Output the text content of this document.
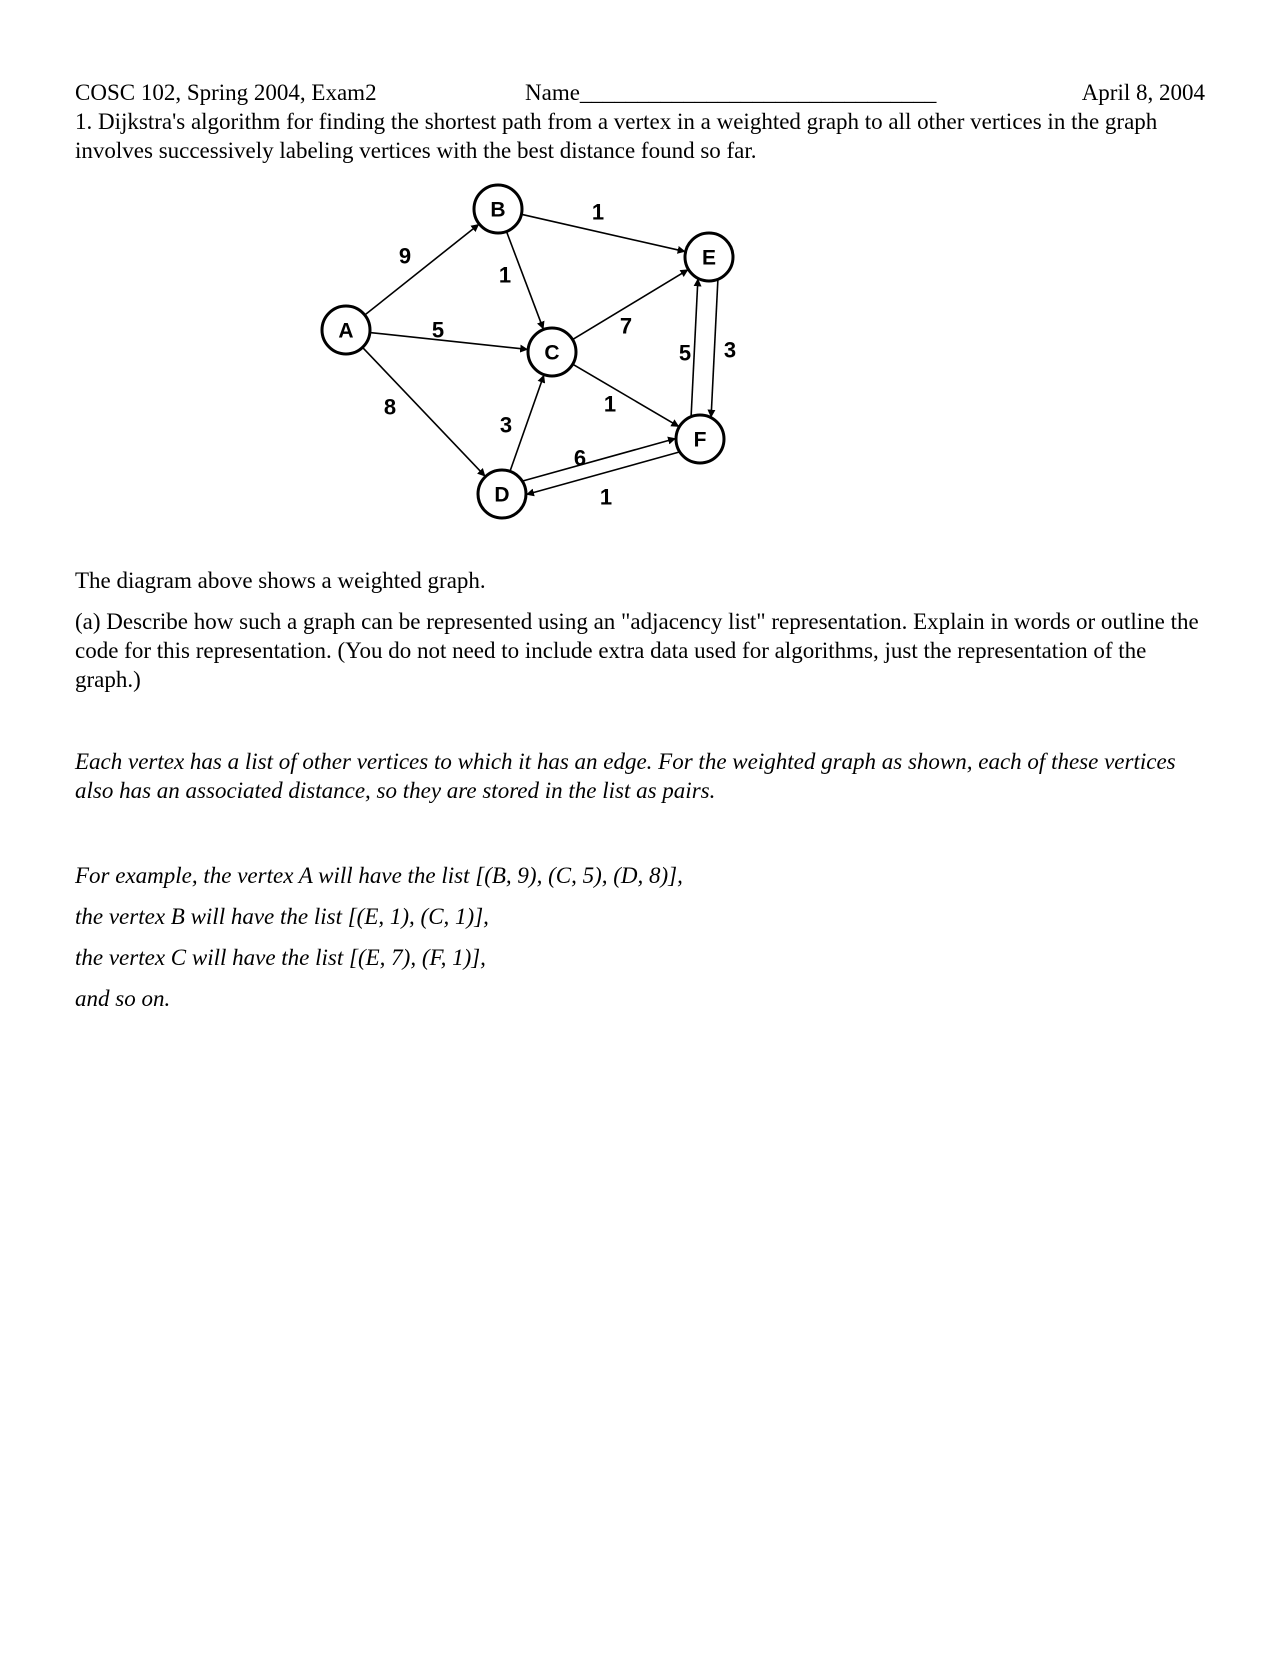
COSC 102, Spring 2004, Exam2	Name_______________________________	April 8, 2004
1. Dijkstra's algorithm for finding the shortest path from a vertex in a weighted graph to all other vertices in the graph involves successively labeling vertices with the best distance found so far.
9
5
8
1
1
7
1
3
6
1
5 3
A
B
C
D
E
F
The diagram above shows a weighted graph.
(a) Describe how such a graph can be represented using an "adjacency list" representation. Explain in words or outline the code for this representation. (You do not need to include extra data used for algorithms, just the representation of the graph.)
Each vertex has a list of other vertices to which it has an edge. For the weighted graph as shown, each of these vertices also has an associated distance, so they are stored in the list as pairs.
For example, the vertex A will have the list [(B, 9), (C, 5), (D, 8)],
the vertex B will have the list [(E, 1), (C, 1)],
the vertex C will have the list [(E, 7), (F, 1)],
and so on.
